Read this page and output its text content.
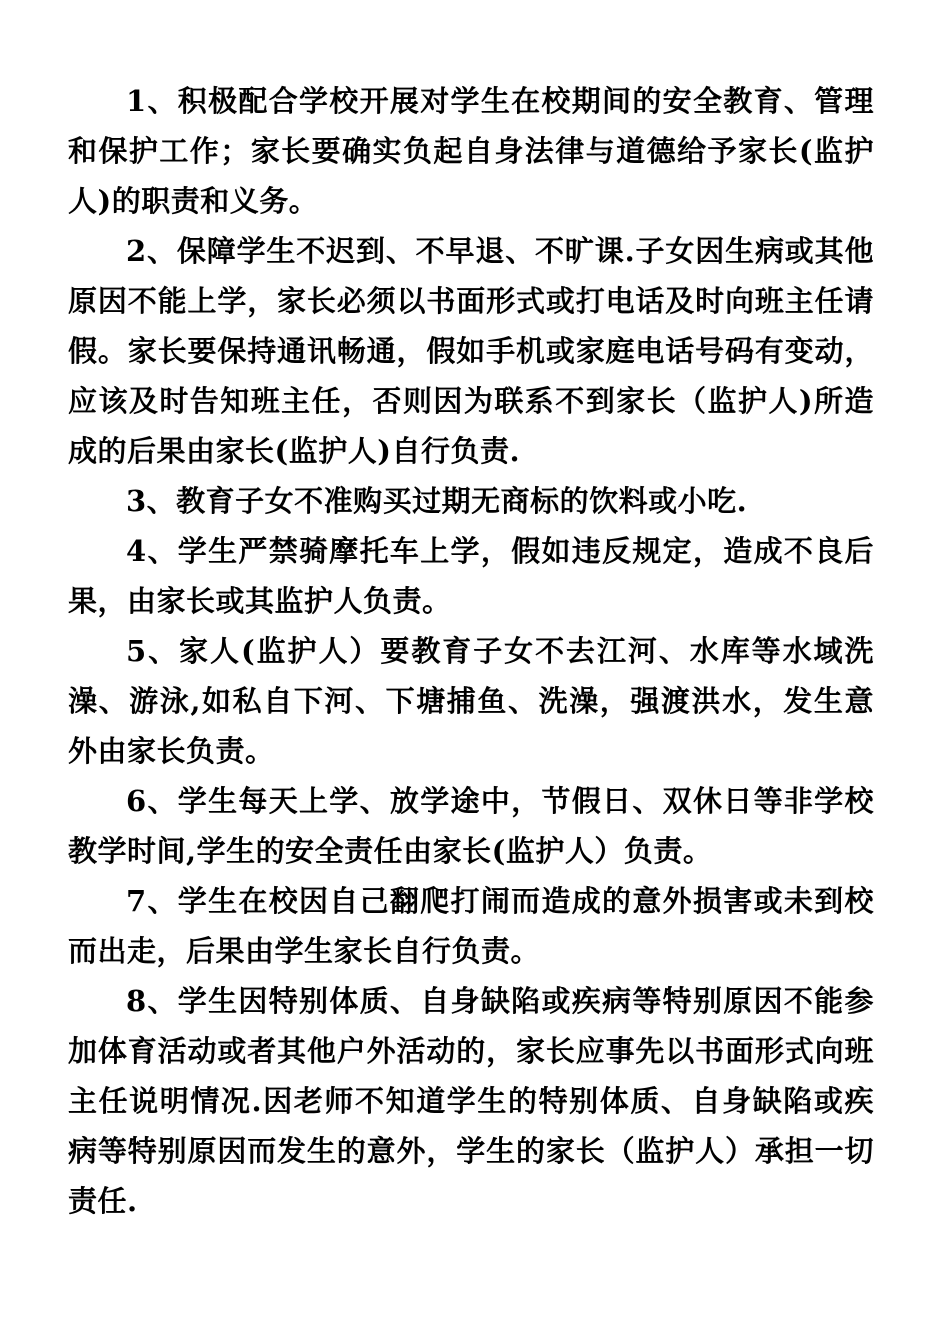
1、积极配合学校开展对学生在校期间的安全教育、管理和保护工作；家长要确实负起自身法律与道德给予家长(监护人)的职责和义务。

2、保障学生不迟到、不早退、不旷课.子女因生病或其他原因不能上学，家长必须以书面形式或打电话及时向班主任请假。家长要保持通讯畅通，假如手机或家庭电话号码有变动，应该及时告知班主任，否则因为联系不到家长（监护人)所造成的后果由家长(监护人)自行负责.

3、教育子女不准购买过期无商标的饮料或小吃.

4、学生严禁骑摩托车上学，假如违反规定，造成不良后果，由家长或其监护人负责。

5、家人(监护人）要教育子女不去江河、水库等水域洗澡、游泳,如私自下河、下塘捕鱼、洗澡，强渡洪水，发生意外由家长负责。

6、学生每天上学、放学途中，节假日、双休日等非学校教学时间,学生的安全责任由家长(监护人）负责。

7、学生在校因自己翻爬打闹而造成的意外损害或未到校而出走，后果由学生家长自行负责。

8、学生因特别体质、自身缺陷或疾病等特别原因不能参加体育活动或者其他户外活动的，家长应事先以书面形式向班主任说明情况.因老师不知道学生的特别体质、自身缺陷或疾病等特别原因而发生的意外，学生的家长（监护人）承担一切责任.
